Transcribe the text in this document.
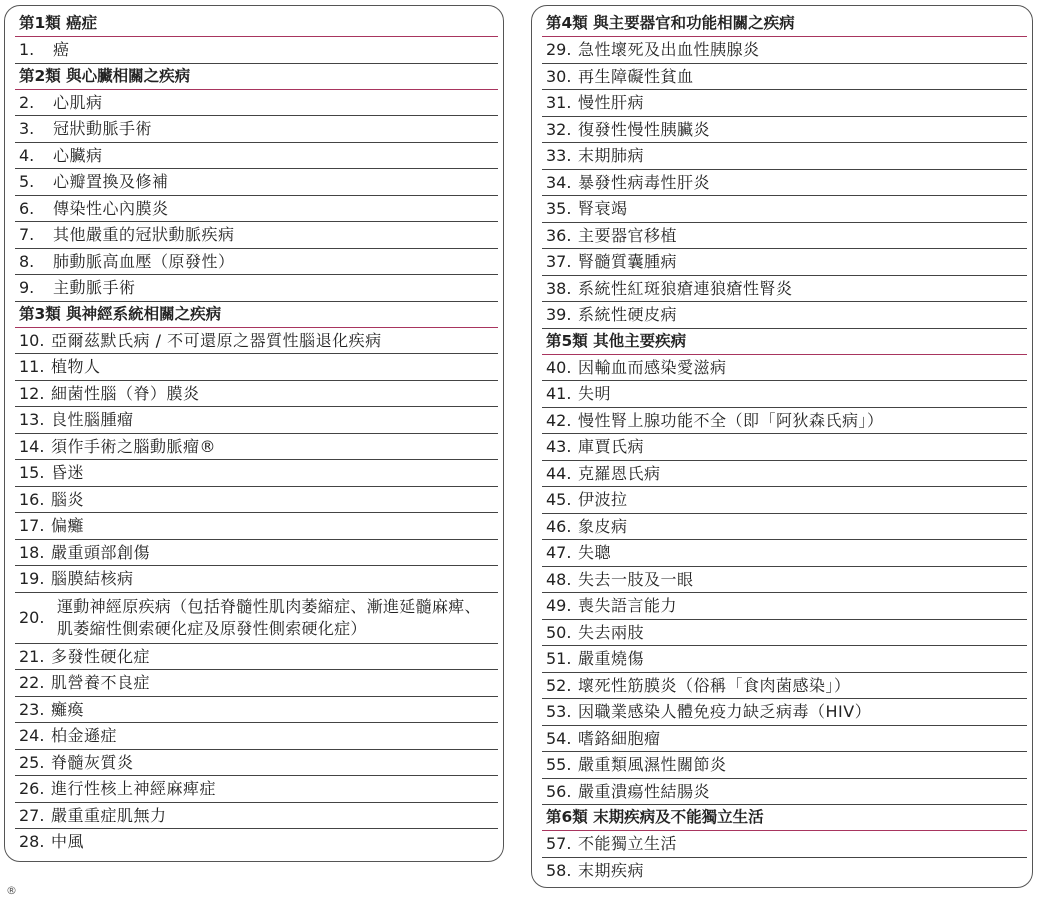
第1類 癌症
1.	癌
第2類 與心臟相關之疾病
2.	心肌病
3.	冠狀動脈手術
4.	心臟病
5.	心瓣置換及修補
6.	傳染性心內膜炎
7.	其他嚴重的冠狀動脈疾病
8.	肺動脈高血壓（原發性）
9.	主動脈手術
第3類 與神經系統相關之疾病
10. 亞爾茲默氏病 / 不可還原之器質性腦退化疾病
11. 植物人
12. 細菌性腦（脊）膜炎
13. 良性腦腫瘤
14. 須作手術之腦動脈瘤®
15. 昏迷
16. 腦炎
17. 偏癱
18. 嚴重頭部創傷
19. 腦膜結核病
20.
運動神經原疾病（包括脊髓性肌肉萎縮症、漸進延髓麻痺、肌萎縮性側索硬化症及原發性側索硬化症）
21. 多發性硬化症
22. 肌營養不良症
23. 癱瘓
24. 柏金遜症
25. 脊髓灰質炎
26. 進行性核上神經麻痺症
27. 嚴重重症肌無力
28. 中風
第4類 與主要器官和功能相關之疾病
29. 急性壞死及出血性胰腺炎
30. 再生障礙性貧血
31. 慢性肝病
32. 復發性慢性胰臟炎
33. 末期肺病
34. 暴發性病毒性肝炎
35. 腎衰竭
36. 主要器官移植
37. 腎髓質囊腫病
38. 系統性紅斑狼瘡連狼瘡性腎炎
39. 系統性硬皮病
第5類 其他主要疾病
40. 因輸血而感染愛滋病
41. 失明
42. 慢性腎上腺功能不全（即「阿狄森氏病」）
43. 庫賈氏病
44. 克羅恩氏病
45. 伊波拉
46. 象皮病
47. 失聰
48. 失去一肢及一眼
49. 喪失語言能力
50. 失去兩肢
51. 嚴重燒傷
52. 壞死性筋膜炎（俗稱「食肉菌感染」）
53. 因職業感染人體免疫力缺乏病毒（HIV）
54. 嗜鉻細胞瘤
55. 嚴重類風濕性關節炎
56. 嚴重潰瘍性結腸炎
第6類 末期疾病及不能獨立生活
57. 不能獨立生活
58. 末期疾病
®
